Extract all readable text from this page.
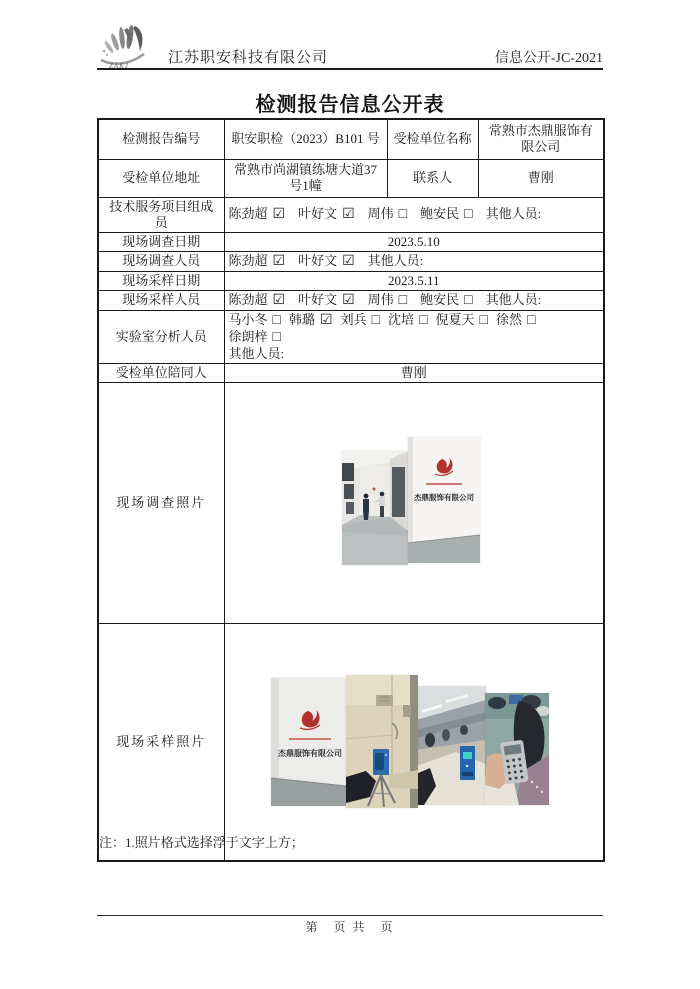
ZAKJ	江苏职安科技有限公司	信息公开-JC-2021
检测报告信息公开表
检测报告编号	职安职检（2023）B101 号	受检单位名称	常熟市杰鼎服饰有限公司
受检单位地址	常熟市尚湖镇练塘大道37号1幢	联系人	曹刚
技术服务项目组成员	陈劲超 ☑ 叶好文 ☑ 周伟 □ 鲍安民 □ 其他人员:		
现场调查日期	2023.5.10		
现场调查人员	陈劲超 ☑ 叶好文 ☑ 其他人员:		
现场采样日期	2023.5.11		
现场采样人员	陈劲超 ☑ 叶好文 ☑ 周伟 □ 鲍安民 □ 其他人员:		
实验室分析人员	马小冬 □ 韩璐 ☑ 刘兵 □ 沈培 □ 倪夏天 □ 徐然 □徐朗梓 □
其他人员:		

受检单位陪同人	曹刚		
现场调查照片	杰鼎服饰有限公司		

现场采样照片	杰鼎服饰有限公司		
注：1.照片格式选择浮于文字上方；
第　页 共　页
